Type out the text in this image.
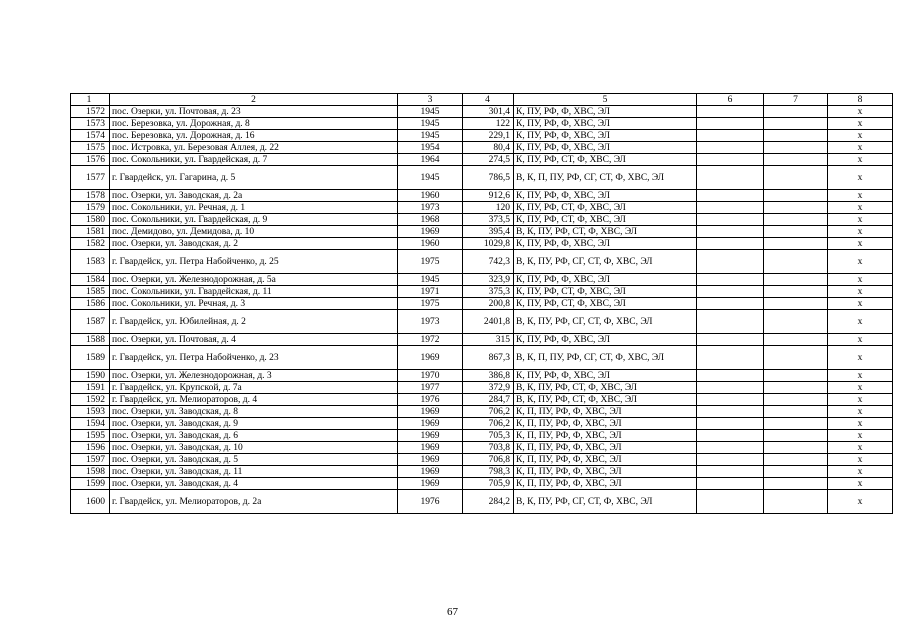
1	2	3	4	5	6	7	8
1572	пос. Озерки, ул. Почтовая, д. 23	1945	301,4	К, ПУ, РФ, Ф, ХВС, ЭЛ			х
1573	пос. Березовка, ул. Дорожная, д. 8	1945	122	К, ПУ, РФ, Ф, ХВС, ЭЛ			х
1574	пос. Березовка, ул. Дорожная, д. 16	1945	229,1	К, ПУ, РФ, Ф, ХВС, ЭЛ			х
1575	пос. Истровка, ул. Березовая Аллея, д. 22	1954	80,4	К, ПУ, РФ, Ф, ХВС, ЭЛ			х
1576	пос. Сокольники, ул. Гвардейская, д. 7	1964	274,5	К, ПУ, РФ, СТ, Ф, ХВС, ЭЛ			х
1577	г. Гвардейск, ул. Гагарина, д. 5	1945	786,5	В, К, П, ПУ, РФ, СГ, СТ, Ф, ХВС, ЭЛ			х
1578	пос. Озерки, ул. Заводская, д. 2а	1960	912,6	К, ПУ, РФ, Ф, ХВС, ЭЛ			х
1579	пос. Сокольники, ул. Речная, д. 1	1973	120	К, ПУ, РФ, СТ, Ф, ХВС, ЭЛ			х
1580	пос. Сокольники, ул. Гвардейская, д. 9	1968	373,5	К, ПУ, РФ, СТ, Ф, ХВС, ЭЛ			х
1581	пос. Демидово, ул. Демидова, д. 10	1969	395,4	В, К, ПУ, РФ, СТ, Ф, ХВС, ЭЛ			х
1582	пос. Озерки, ул. Заводская, д. 2	1960	1029,8	К, ПУ, РФ, Ф, ХВС, ЭЛ			х
1583	г. Гвардейск, ул. Петра Набойченко, д. 25	1975	742,3	В, К, ПУ, РФ, СГ, СТ, Ф, ХВС, ЭЛ			х
1584	пос. Озерки, ул. Железнодорожная, д. 5а	1945	323,9	К, ПУ, РФ, Ф, ХВС, ЭЛ			х
1585	пос. Сокольники, ул. Гвардейская, д. 11	1971	375,3	К, ПУ, РФ, СТ, Ф, ХВС, ЭЛ			х
1586	пос. Сокольники, ул. Речная, д. 3	1975	200,8	К, ПУ, РФ, СТ, Ф, ХВС, ЭЛ			х
1587	г. Гвардейск, ул. Юбилейная, д. 2	1973	2401,8	В, К, ПУ, РФ, СГ, СТ, Ф, ХВС, ЭЛ			х
1588	пос. Озерки, ул. Почтовая, д. 4	1972	315	К, ПУ, РФ, Ф, ХВС, ЭЛ			х
1589	г. Гвардейск, ул. Петра Набойченко, д. 23	1969	867,3	В, К, П, ПУ, РФ, СГ, СТ, Ф, ХВС, ЭЛ			х
1590	пос. Озерки, ул. Железнодорожная, д. 3	1970	386,8	К, ПУ, РФ, Ф, ХВС, ЭЛ			х
1591	г. Гвардейск, ул. Крупской, д. 7а	1977	372,9	В, К, ПУ, РФ, СТ, Ф, ХВС, ЭЛ			х
1592	г. Гвардейск, ул. Мелиораторов, д. 4	1976	284,7	В, К, ПУ, РФ, СТ, Ф, ХВС, ЭЛ			х
1593	пос. Озерки, ул. Заводская, д. 8	1969	706,2	К, П, ПУ, РФ, Ф, ХВС, ЭЛ			х
1594	пос. Озерки, ул. Заводская, д. 9	1969	706,2	К, П, ПУ, РФ, Ф, ХВС, ЭЛ			х
1595	пос. Озерки, ул. Заводская, д. 6	1969	705,3	К, П, ПУ, РФ, Ф, ХВС, ЭЛ			х
1596	пос. Озерки, ул. Заводская, д. 10	1969	703,8	К, П, ПУ, РФ, Ф, ХВС, ЭЛ			х
1597	пос. Озерки, ул. Заводская, д. 5	1969	706,8	К, П, ПУ, РФ, Ф, ХВС, ЭЛ			х
1598	пос. Озерки, ул. Заводская, д. 11	1969	798,3	К, П, ПУ, РФ, Ф, ХВС, ЭЛ			х
1599	пос. Озерки, ул. Заводская, д. 4	1969	705,9	К, П, ПУ, РФ, Ф, ХВС, ЭЛ			х
1600	г. Гвардейск, ул. Мелиораторов, д. 2а	1976	284,2	В, К, ПУ, РФ, СГ, СТ, Ф, ХВС, ЭЛ			х
67
